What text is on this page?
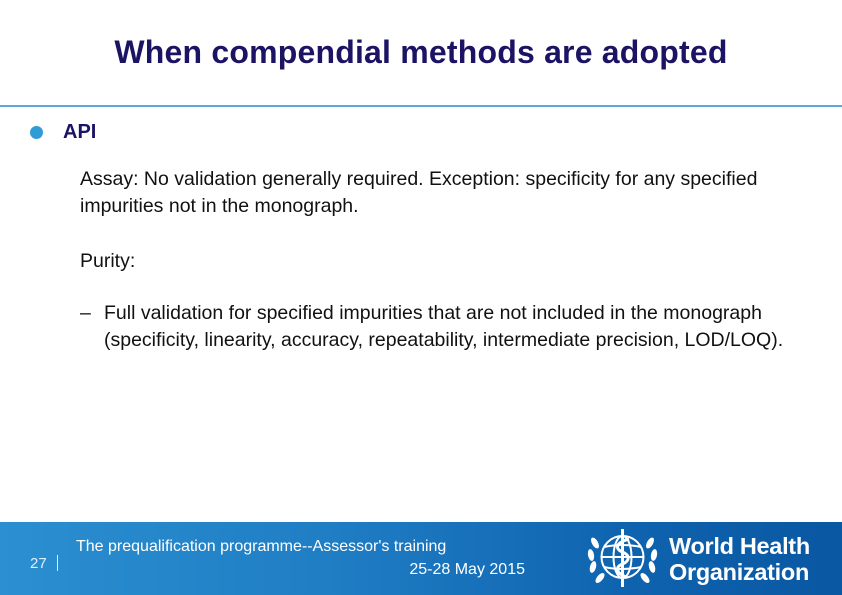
When compendial methods are adopted
API
Assay: No validation generally required. Exception: specificity for any specified impurities not in the monograph.
Purity:
– Full validation for specified impurities that are not included in the monograph (specificity, linearity, accuracy, repeatability, intermediate precision, LOD/LOQ).
27
The prequalification programme--Assessor's training
25-28 May 2015
World Health
Organization
